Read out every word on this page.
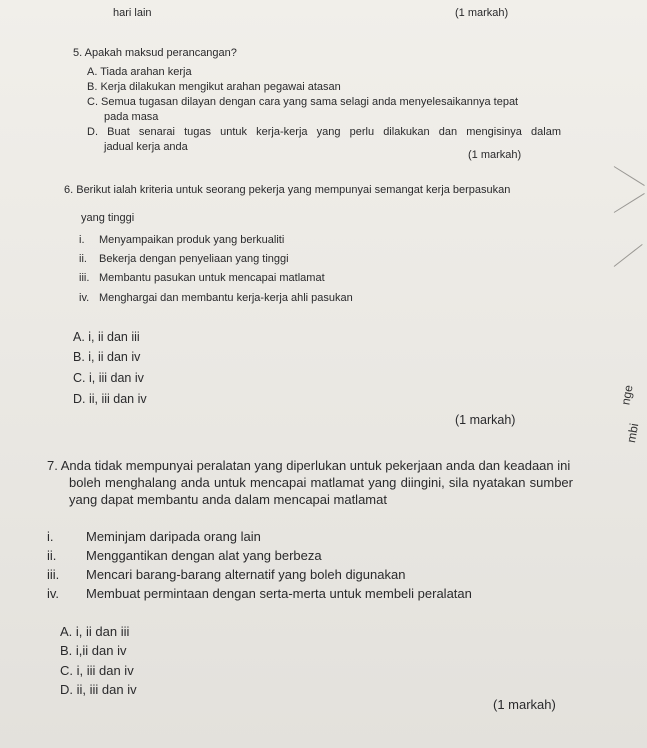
hari lain	(1 markah)
5. Apakah maksud perancangan?
A. Tiada arahan kerja
B. Kerja dilakukan mengikut arahan pegawai atasan
C. Semua tugasan dilayan dengan cara yang sama selagi anda menyelesaikannya tepat
pada masa
D. Buat senarai tugas untuk kerja-kerja yang perlu dilakukan dan mengisinya dalam
jadual kerja anda
(1 markah)
6. Berikut ialah kriteria untuk seorang pekerja yang mempunyai semangat kerja berpasukan
yang tinggi
i. Menyampaikan produk yang berkualiti
ii. Bekerja dengan penyeliaan yang tinggi
iii. Membantu pasukan untuk mencapai matlamat
iv. Menghargai dan membantu kerja-kerja ahli pasukan
A. i, ii dan iii
B. i, ii dan iv
C. i, iii dan iv
D. ii, iii dan iv
(1 markah)
7. Anda tidak mempunyai peralatan yang diperlukan untuk pekerjaan anda dan keadaan ini
boleh menghalang anda untuk mencapai matlamat yang diingini, sila nyatakan sumber
yang dapat membantu anda dalam mencapai matlamat
i.	Meminjam daripada orang lain
ii. Menggantikan dengan alat yang berbeza
iii. Mencari barang-barang alternatif yang boleh digunakan
iv. Membuat permintaan dengan serta-merta untuk membeli peralatan
A. i, ii dan iii
B. i,ii dan iv
C. i, iii dan iv
D. ii, iii dan iv
(1 markah)
nge
mbi
